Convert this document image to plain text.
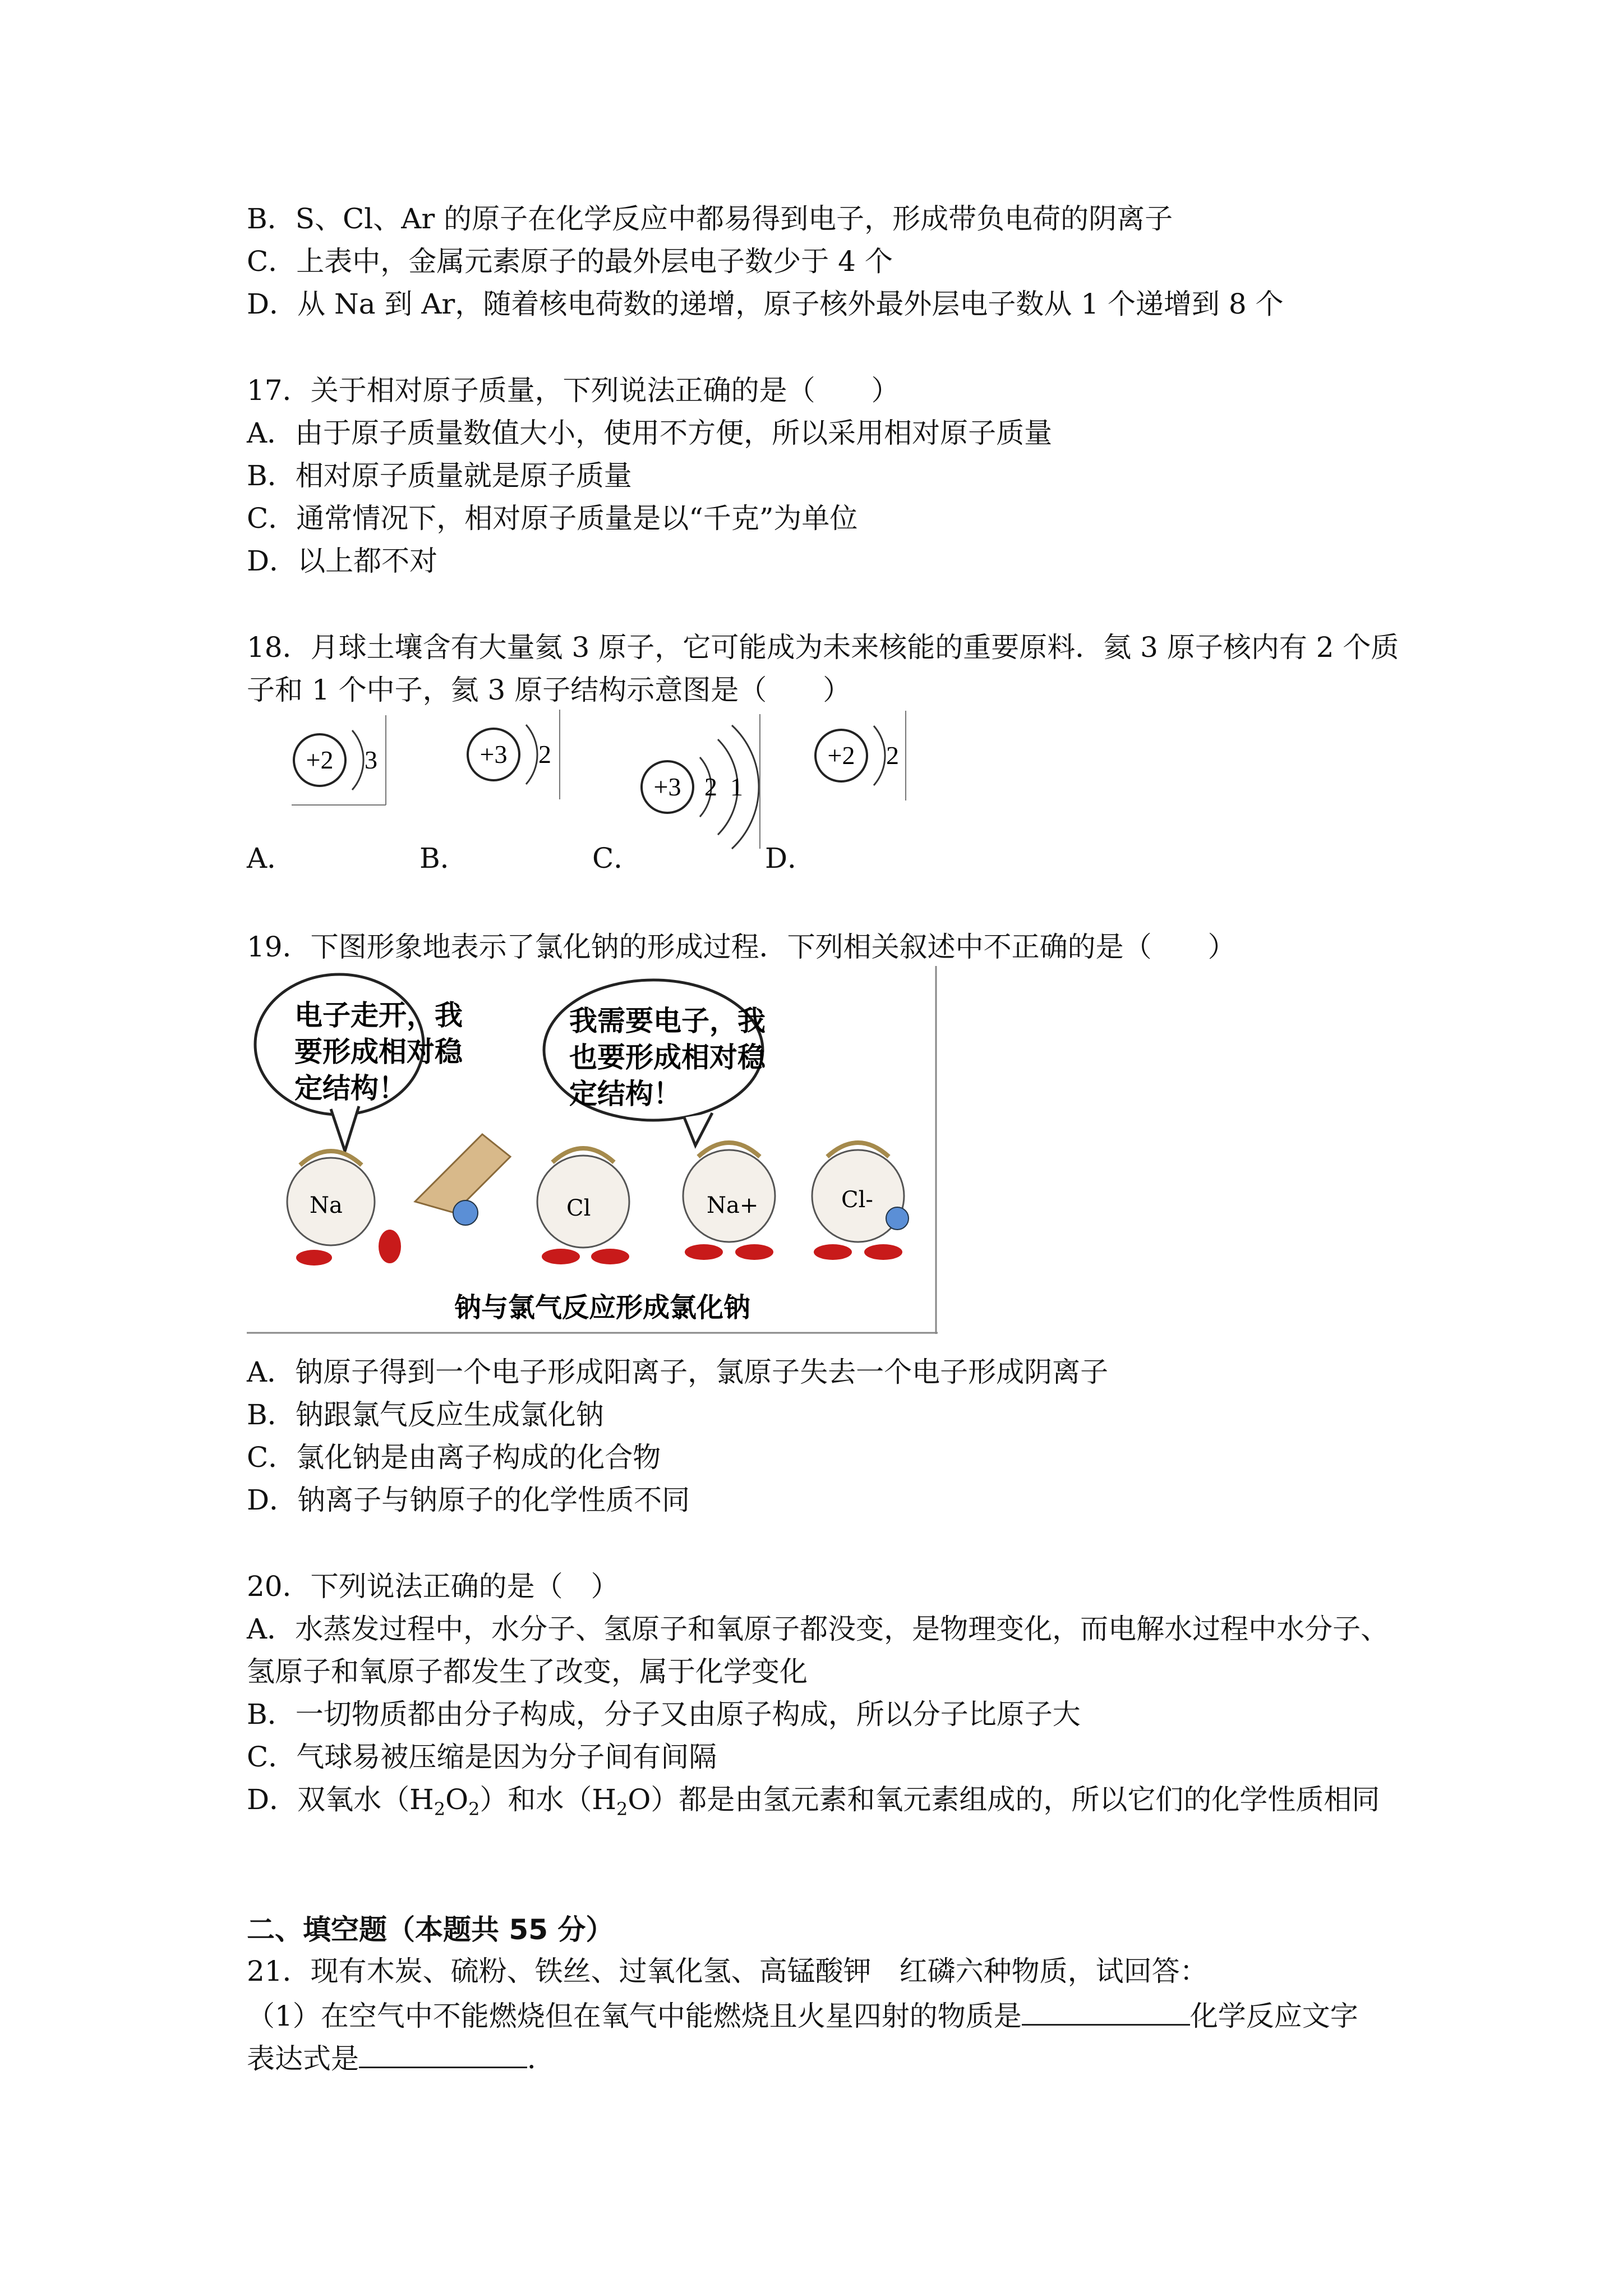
B．S、Cl、Ar 的原子在化学反应中都易得到电子，形成带负电荷的阴离子
C．上表中，金属元素原子的最外层电子数少于 4 个
D．从 Na 到 Ar，随着核电荷数的递增，原子核外最外层电子数从 1 个递增到 8 个
17．关于相对原子质量，下列说法正确的是（　　）
A．由于原子质量数值大小，使用不方便，所以采用相对原子质量
B．相对原子质量就是原子质量
C．通常情况下，相对原子质量是以“千克”为单位
D．以上都不对
18．月球土壤含有大量氦 3 原子，它可能成为未来核能的重要原料．氦 3 原子核内有 2 个质
子和 1 个中子，氦 3 原子结构示意图是（　　）
+2 3	+3 2
+3 2 1
+2 2
A．	B．	C．	D．
19．下图形象地表示了氯化钠的形成过程．下列相关叙述中不正确的是（　　）
电子走开，我
要形成相对稳
定结构！
我需要电子，我
也要形成相对稳
定结构！
Na	Cl	Na+	Cl-
钠与氯气反应形成氯化钠
A．钠原子得到一个电子形成阳离子，氯原子失去一个电子形成阴离子
B．钠跟氯气反应生成氯化钠
C．氯化钠是由离子构成的化合物
D．钠离子与钠原子的化学性质不同
20．下列说法正确的是（　）
A．水蒸发过程中，水分子、氢原子和氧原子都没变，是物理变化，而电解水过程中水分子、
氢原子和氧原子都发生了改变，属于化学变化
B．一切物质都由分子构成，分子又由原子构成，所以分子比原子大
C．气球易被压缩是因为分子间有间隔
D．双氧水$(H_2O_2)$和水$(H_2O)$都是由氢元素和氧元素组成的，所以它们的化学性质相同
二、填空题（本题共 55 分）
21．现有木炭、硫粉、铁丝、过氧化氢、高锰酸钾　红磷六种物质，试回答：
（1）在空气中不能燃烧但在氧气中能燃烧且火星四射的物质是	化学反应文字
表达式是	．
